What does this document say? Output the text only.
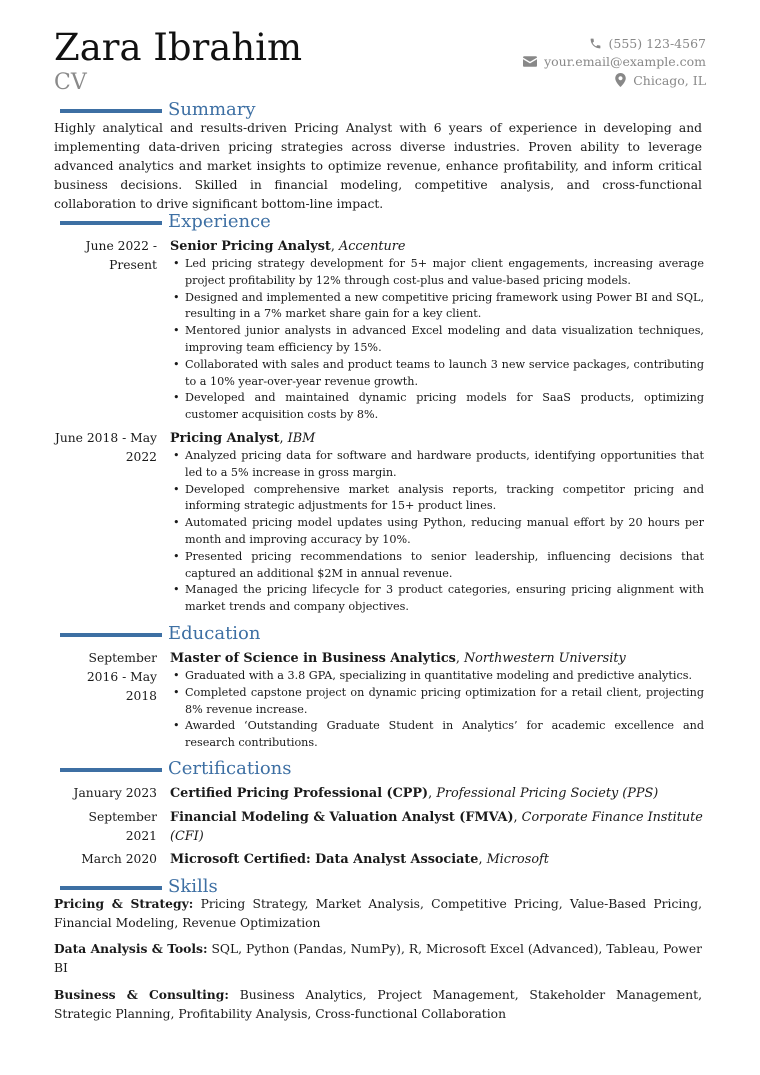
Zara Ibrahim
CV
(555) 123-4567
your.email@example.com
Chicago, IL
Summary
Highly analytical and results-driven Pricing Analyst with 6 years of experience in developing and implementing data-driven pricing strategies across diverse industries. Proven ability to leverage advanced analytics and market insights to optimize revenue, enhance profitability, and inform critical business decisions. Skilled in financial modeling, competitive analysis, and cross-functional collaboration to drive significant bottom-line impact.
Experience
June 2022 - Present
Senior Pricing Analyst, Accenture
• Led pricing strategy development for 5+ major client engagements, increasing average project profitability by 12% through cost-plus and value-based pricing models.
• Designed and implemented a new competitive pricing framework using Power BI and SQL, resulting in a 7% market share gain for a key client.
• Mentored junior analysts in advanced Excel modeling and data visualization techniques, improving team efficiency by 15%.
• Collaborated with sales and product teams to launch 3 new service packages, contributing to a 10% year-over-year revenue growth.
• Developed and maintained dynamic pricing models for SaaS products, optimizing customer acquisition costs by 8%.
June 2018 - May 2022
Pricing Analyst, IBM
• Analyzed pricing data for software and hardware products, identifying opportunities that led to a 5% increase in gross margin.
• Developed comprehensive market analysis reports, tracking competitor pricing and informing strategic adjustments for 15+ product lines.
• Automated pricing model updates using Python, reducing manual effort by 20 hours per month and improving accuracy by 10%.
• Presented pricing recommendations to senior leadership, influencing decisions that captured an additional $2M in annual revenue.
• Managed the pricing lifecycle for 3 product categories, ensuring pricing alignment with market trends and company objectives.
Education
September 2016 - May 2018
Master of Science in Business Analytics, Northwestern University
• Graduated with a 3.8 GPA, specializing in quantitative modeling and predictive analytics.
• Completed capstone project on dynamic pricing optimization for a retail client, projecting 8% revenue increase.
• Awarded ‘Outstanding Graduate Student in Analytics’ for academic excellence and research contributions.
Certifications
January 2023 Certified Pricing Professional (CPP), Professional Pricing Society (PPS)
September 2021
Financial Modeling & Valuation Analyst (FMVA), Corporate Finance Institute (CFI)
March 2020 Microsoft Certified: Data Analyst Associate, Microsoft
Skills
Pricing & Strategy: Pricing Strategy, Market Analysis, Competitive Pricing, Value-Based Pricing, Financial Modeling, Revenue Optimization
Data Analysis & Tools: SQL, Python (Pandas, NumPy), R, Microsoft Excel (Advanced), Tableau, Power BI
Business & Consulting: Business Analytics, Project Management, Stakeholder Management, Strategic Planning, Profitability Analysis, Cross-functional Collaboration
